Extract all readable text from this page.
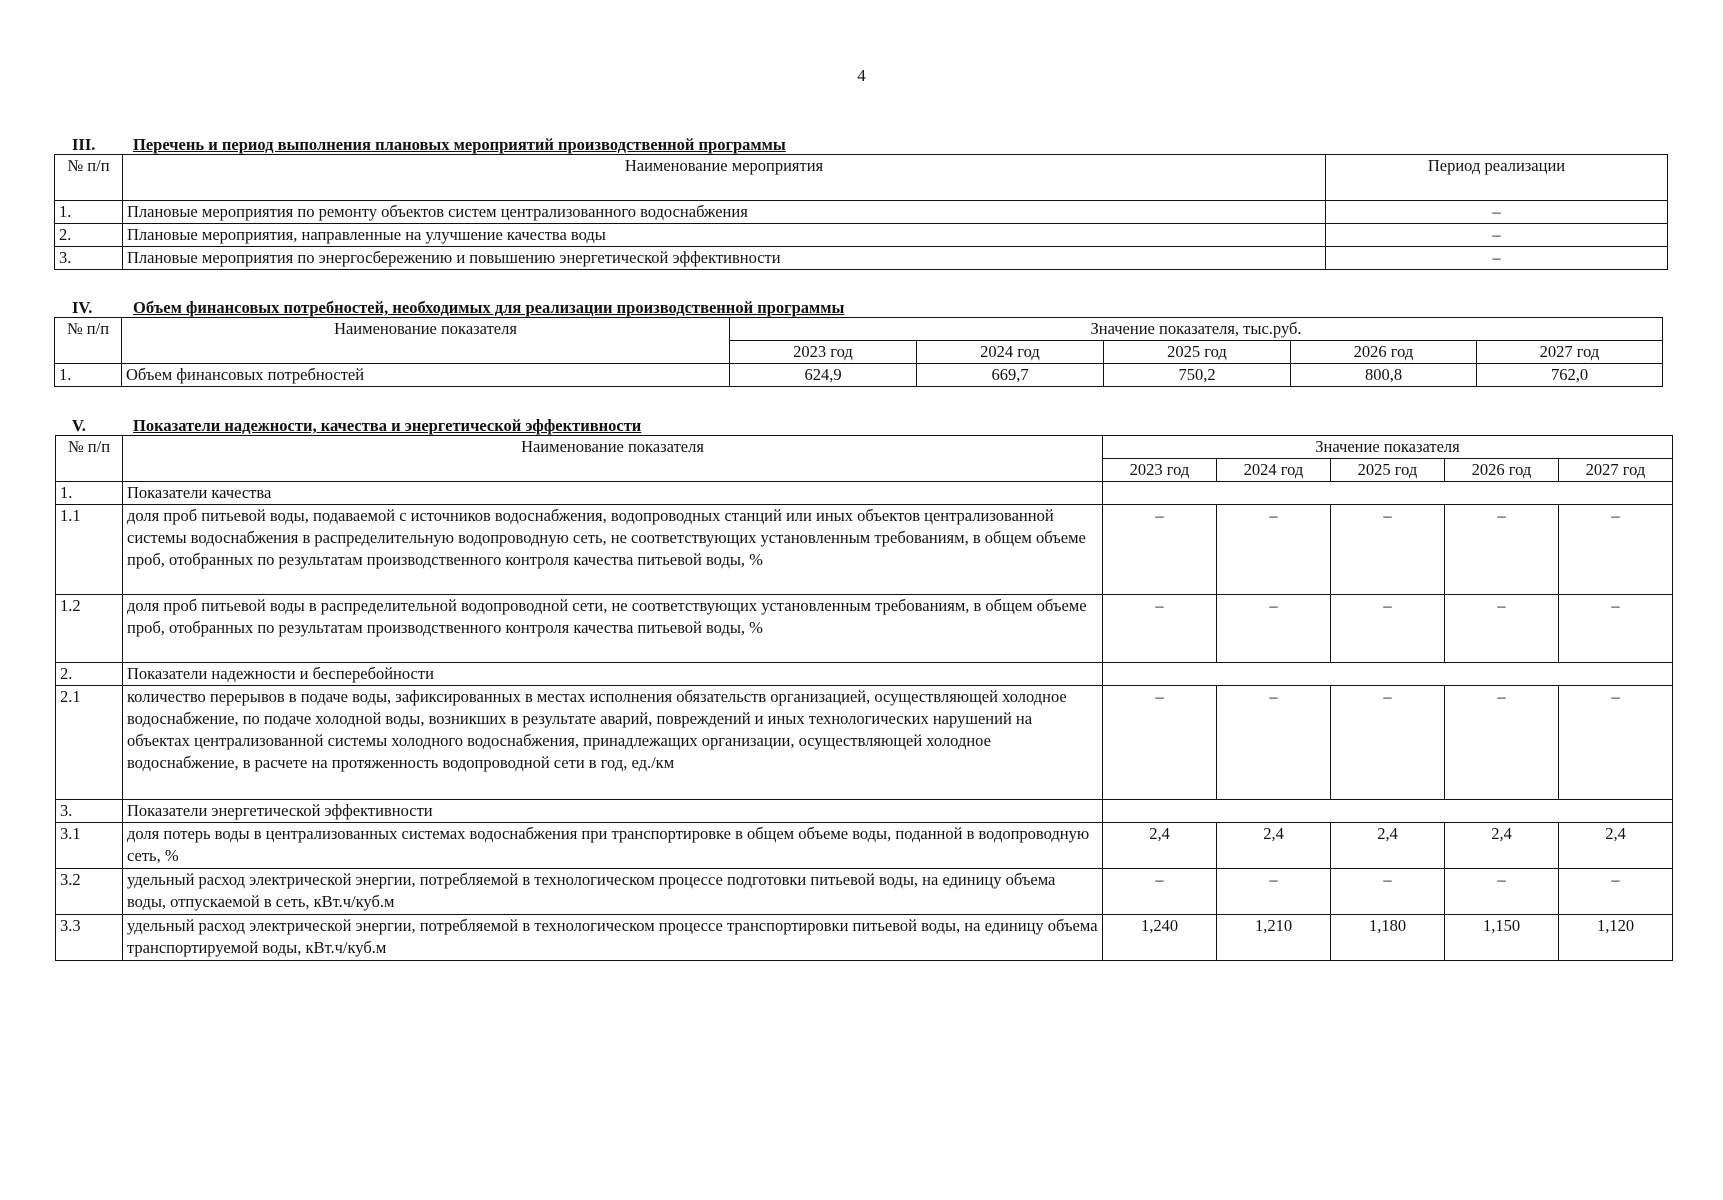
4
III. Перечень и период выполнения плановых мероприятий производственной программы
№ п/п	Наименование мероприятия	Период реализации
1.	Плановые мероприятия по ремонту объектов систем централизованного водоснабжения	–
2.	Плановые мероприятия, направленные на улучшение качества воды	–
3.	Плановые мероприятия по энергосбережению и повышению энергетической эффективности	–
IV. Объем финансовых потребностей, необходимых для реализации производственной программы
№ п/п	Наименование показателя	Значение показателя, тыс.руб.				
		2023 год	2024 год	2025 год	2026 год	2027 год
1.	Объем финансовых потребностей	624,9	669,7	750,2	800,8	762,0
V.	Показатели надежности, качества и энергетической эффективности
№ п/п	Наименование показателя	Значение показателя				
		2023 год	2024 год	2025 год	2026 год	2027 год
1.	Показатели качества					
1.1	доля проб питьевой воды, подаваемой с источников водоснабжения, водопроводных станций или иных объектов централизованной системы водоснабжения в распределительную водопроводную сеть, не соответствующих установленным требованиям, в общем объеме проб, отобранных по результатам производственного контроля качества питьевой воды, %	–	–	–	–	–
1.2	доля проб питьевой воды в распределительной водопроводной сети, не соответствующих установленным требованиям, в общем объеме проб, отобранных по результатам производственного контроля качества питьевой воды, %	–	–	–	–	–
2.	Показатели надежности и бесперебойности					
2.1	количество перерывов в подаче воды, зафиксированных в местах исполнения обязательств организацией, осуществляющей холодное водоснабжение, по подаче холодной воды, возникших в результате аварий, повреждений и иных технологических нарушений на объектах централизованной системы холодного водоснабжения, принадлежащих организации, осуществляющей холодное водоснабжение, в расчете на протяженность водопроводной сети в год, ед./км	–	–	–	–	–
3.	Показатели энергетической эффективности					
3.1	доля потерь воды в централизованных системах водоснабжения при транспортировке в общем объеме воды, поданной в водопроводную сеть, %	2,4	2,4	2,4	2,4	2,4
3.2	удельный расход электрической энергии, потребляемой в технологическом процессе подготовки питьевой воды, на единицу объема воды, отпускаемой в сеть, кВт.ч/куб.м	–	–	–	–	–
3.3	удельный расход электрической энергии, потребляемой в технологическом процессе транспортировки питьевой воды, на единицу объема транспортируемой воды, кВт.ч/куб.м	1,240	1,210	1,180	1,150	1,120
